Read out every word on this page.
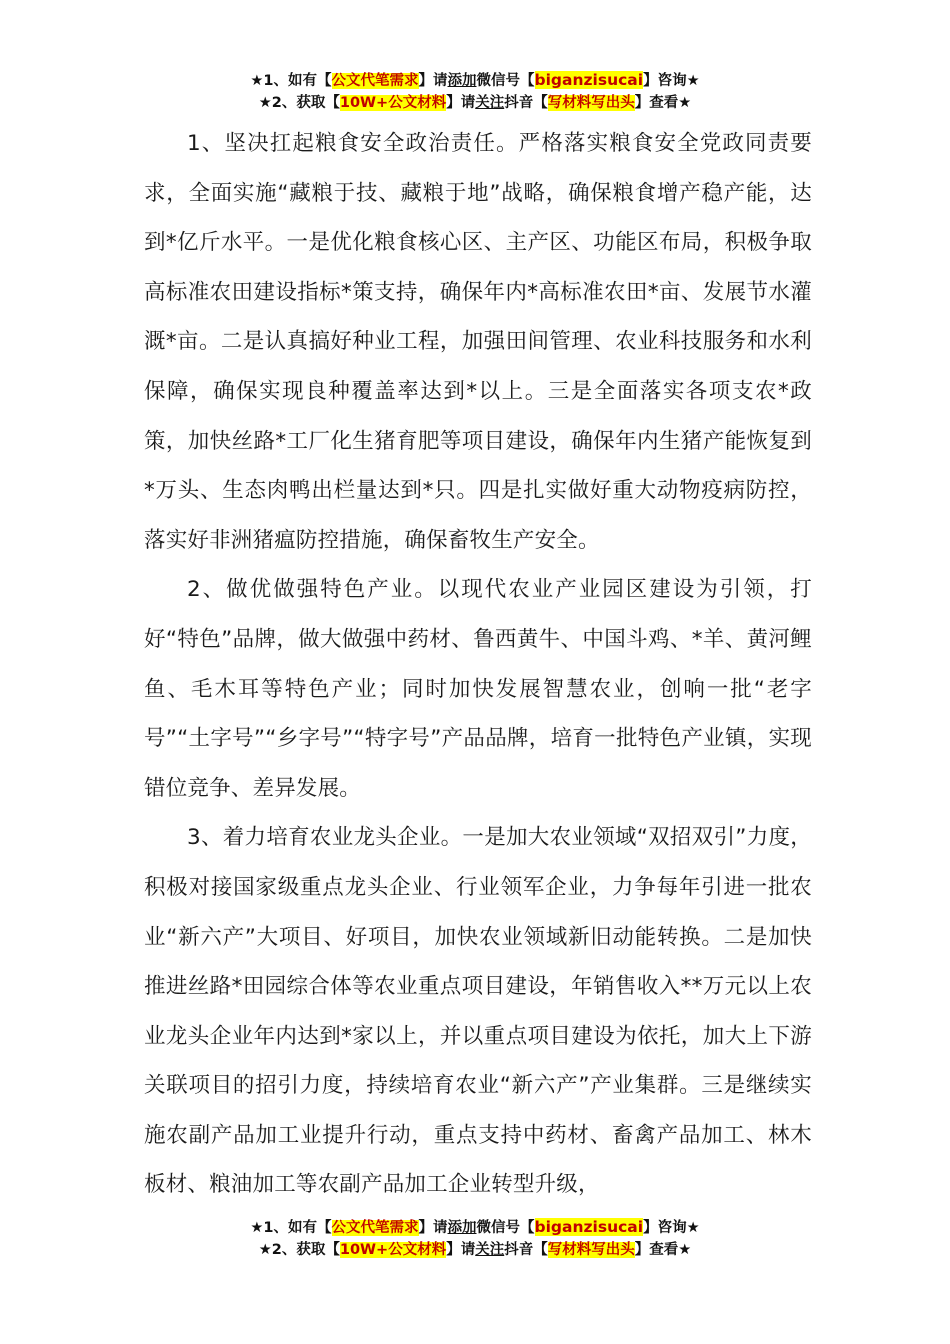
★1、如有【公文代笔需求】请添加微信号【biganzisucai】咨询★
★2、获取【10W+公文材料】请关注抖音【写材料写出头】查看★

1、坚决扛起粮食安全政治责任。严格落实粮食安全党政同责要求，全面实施“藏粮于技、藏粮于地”战略，确保粮食增产稳产能，达到*亿斤水平。一是优化粮食核心区、主产区、功能区布局，积极争取高标准农田建设指标*策支持，确保年内*高标准农田*亩、发展节水灌溉*亩。二是认真搞好种业工程，加强田间管理、农业科技服务和水利保障，确保实现良种覆盖率达到*以上。三是全面落实各项支农*政策，加快丝路*工厂化生猪育肥等项目建设，确保年内生猪产能恢复到*万头、生态肉鸭出栏量达到*只。四是扎实做好重大动物疫病防控，落实好非洲猪瘟防控措施，确保畜牧生产安全。

2、做优做强特色产业。以现代农业产业园区建设为引领，打好“特色”品牌，做大做强中药材、鲁西黄牛、中国斗鸡、*羊、黄河鲤鱼、毛木耳等特色产业；同时加快发展智慧农业，创响一批“老字号”“土字号”“乡字号”“特字号”产品品牌，培育一批特色产业镇，实现错位竞争、差异发展。

3、着力培育农业龙头企业。一是加大农业领域“双招双引”力度，积极对接国家级重点龙头企业、行业领军企业，力争每年引进一批农业“新六产”大项目、好项目，加快农业领域新旧动能转换。二是加快推进丝路*田园综合体等农业重点项目建设，年销售收入**万元以上农业龙头企业年内达到*家以上，并以重点项目建设为依托，加大上下游关联项目的招引力度，持续培育农业“新六产”产业集群。三是继续实施农副产品加工业提升行动，重点支持中药材、畜禽产品加工、林木板材、粮油加工等农副产品加工企业转型升级，

★1、如有【公文代笔需求】请添加微信号【biganzisucai】咨询★
★2、获取【10W+公文材料】请关注抖音【写材料写出头】查看★
